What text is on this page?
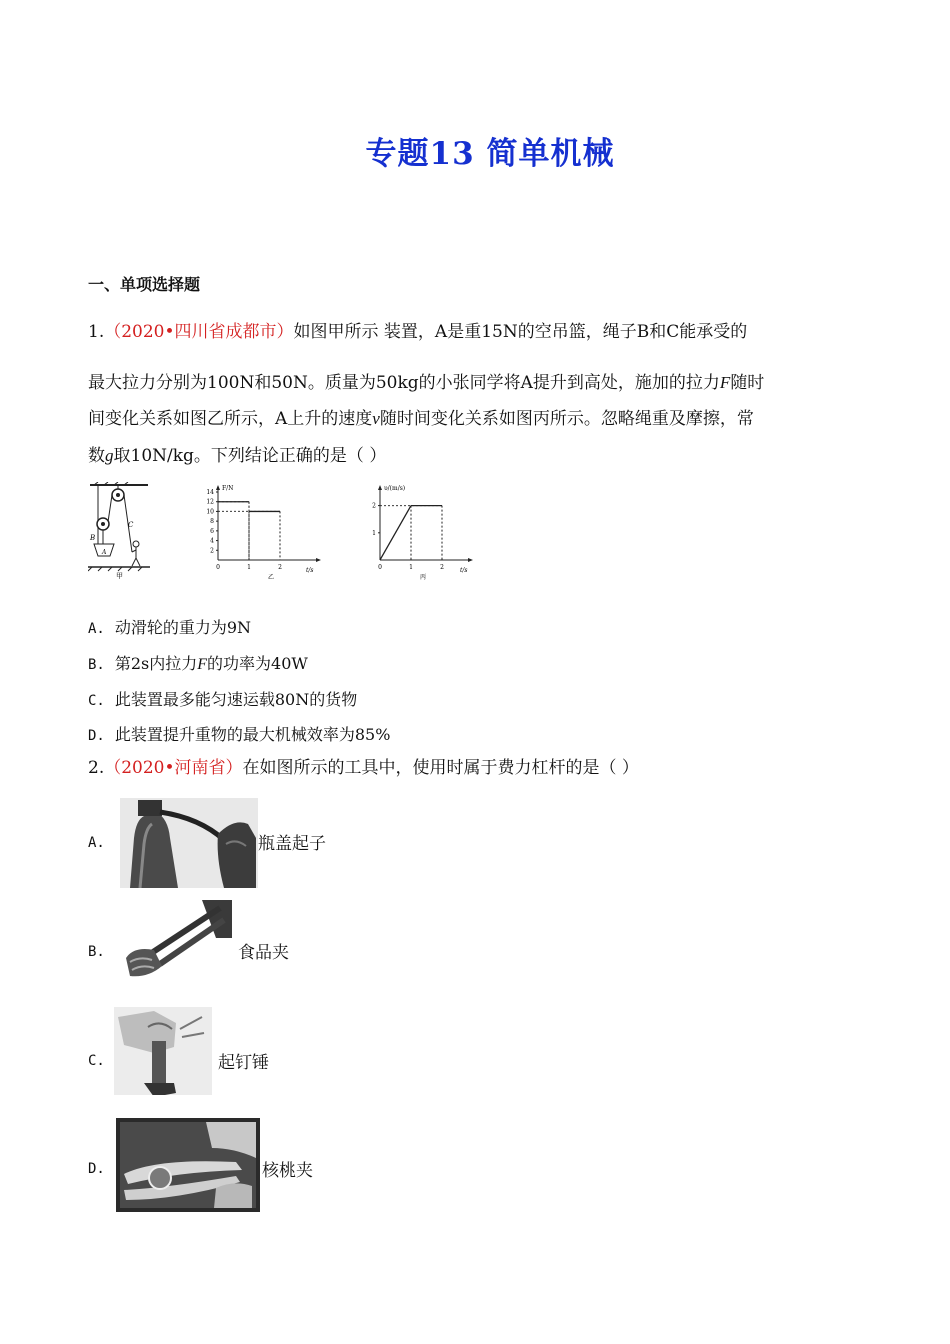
专题13 简单机械
一、单项选择题
1.（2020•四川省成都市）如图甲所示 装置，A是重15N的空吊篮，绳子B和C能承受的
最大拉力分别为100N和50N。质量为50kg的小张同学将A提升到高处，施加的拉力F随时
间变化关系如图乙所示，A上升的速度v随时间变化关系如图丙所示。忽略绳重及摩擦，常
数g取10N/kg。下列结论正确的是（ ）
B
C
A
甲
F/N
t/s
乙
14
12
10
8
6
4
2
0	1	2
υ/(m/s)
t/s
丙
2
1
0	1	2
A. 动滑轮的重力为9N
B. 第2s内拉力F的功率为40W
C. 此装置最多能匀速运载80N的货物
D. 此装置提升重物的最大机械效率为85%
2.（2020•河南省）在如图所示的工具中，使用时属于费力杠杆的是（ ）
A.	瓶盖起子
B.	食品夹
C.	起钉锤
D.	核桃夹
